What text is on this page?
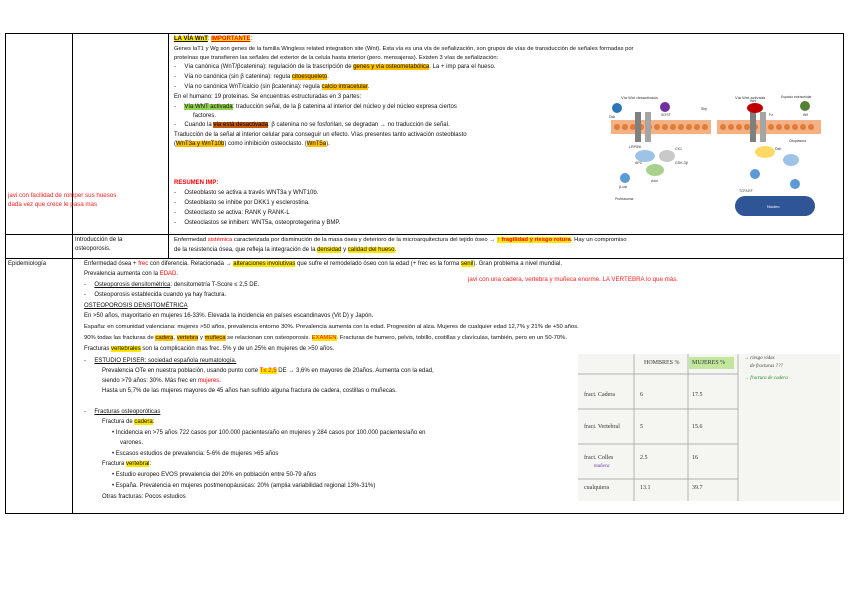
javi con facilidad de romper sus huesos
dada vez que crece le pasa mas
Introducción de la
osteoporosis.
Epidemiología
LA VÍA WnT: IMPORTANTE:
Genes laT1 y Wg son genes de la familia Wingless related integration site (Wnt). Esta vía es una vía de señalización, son grupos de vías de transducción de señales formadas por
proteínas que transfieren las señales del exterior de la celula hasta interior (pero. mensajeras). Existen 3 vías de señalización:
-     Vía canónica (WnT/βcatenina): regulación de la trascripción de genes y vía osteometabólica. La + imp para el hueso.
-     Vía no canónica (sin β catenina): regula citoesqueleto.
-     Vía no canónica WnT/calcio (sin βcatenina): regula calcio intracelular.
En el humano: 19 proteínas. Se encuentras estructuradas en 3 partes:
-     Vía WNT activada: traducción señal, de la β catenina al interior del núcleo y del núcleo expresa ciertos
factores.
-     Cuando la vía está desactivada: β catenina no se fosforilan, se degradan → no traducción de señal.
Traducción de la señal al interior celular para conseguir un efecto. Vías presentes tanto activación osteoblasto
(WnT3a y WnT10b) como inhibición osteoclasto. (WnT5a).
RESUMEN IMP:
-     Osteoblasto se activa a través WNT3a y WNT10b.
-     Osteoblasto se inhibe por DKK1 y esclerostina.
-     Osteoclasto se activa: RANK y RANK-L
-     Osteoclastos se inhiben: WNT5a, osteoprotegerina y BMP.
Vía Wnt desactivada	Vía Wnt activada
Núcleo
Dkk	SOST
Wnt
Fz
LRP5/6	CK1
APC	GSK-3β
Axin
β-cat
Dsh
Espacio extracelular
Citoplasma
Proteasoma
TCF/LEF
Sfrp
Wif
Enfermedad sistémica caracterizada por disminución de la masa ósea y deterioro de la microarquitectura del tejido óseo → ↑ fragilidad y riesgo rotura. Hay un compromiso
de la resistencia ósea, que refleja la integración de la densidad y calidad del hueso.
Enfermedad ósea + frec con diferencia. Relacionada → alteraciones involutivas que sufre el remodelado óseo con la edad (+ frec es la forma senil). Gran problema a nivel mundial.
Prevalencia aumenta con la EDAD.
-     Osteoporosis densitométrica: densitometría T-Score ≤ 2,5 DE.
-     Osteoporosis establecida cuando ya hay fractura.
OSTEOPOROSIS DENSITOMÉTRICA
En >50 años, mayoritario en mujeres 16-33%. Elevada la incidencia en países escandinavos (Vit D) y Japón.
España: en comunidad valenciana: mujeres >50 años, prevalencia entorno 30%. Prevalencia aumenta con la edad. Progresión al alza. Mujeres de cualquier edad 12,7% y 21% de +50 años.
90% todas las fracturas de cadera, vertebra y muñeca se relacionan con osteoporosis. EXAMEN. Fracturas de humero, pelvis, tobillo, costillas y clavículas, también, pero en un 50-70%.
Fracturas vertebrales son la complicación mas frec. 5% y de un 25% en mujeres de >50 años.
-     ESTUDIO EPISER: sociedad española reumatología.
Prevalencia OTe en nuestra población, usando punto corte T≤ 2,5 DE → 3,6% en mayores de 20años. Aumenta con la edad,
siendo >79 años: 30%. Más frec en mujeres.
Hasta un 5,7% de las mujeres mayores de 45 años han sufrido alguna fractura de cadera, costillas o muñecas.
-     Fracturas osteoporóticas
Fractura de cadera:
• Incidencia en >75 años 722 casos por 100.000 pacientes/año en mujeres y 284 casos por 100.000 pacientes/año en
varones.
• Escasos estudios de prevalencia: 5-6% de mujeres >65 años
Fractura vertebral:
• Estudio europeo EVOS prevalencia del 20% en población entre 50-79 años
• España. Prevalencia en mujeres postmenopáusicas: 20% (amplia variabilidad regional 13%-31%)
Otras fracturas: Pocos estudios
javi con una cadera, vertebra y muñeca enorme. LA VERTEBRA lo que más.
HOMBRES % MUJERES %
fract. Cadera	6	17.5
fract. Vertebral	5	15.6
fract. Colles
muñeca
2.5	16
cualquiera	13.1	39.7
→ riesgo vidas
de fracturas ???
→ fractura de cadera
